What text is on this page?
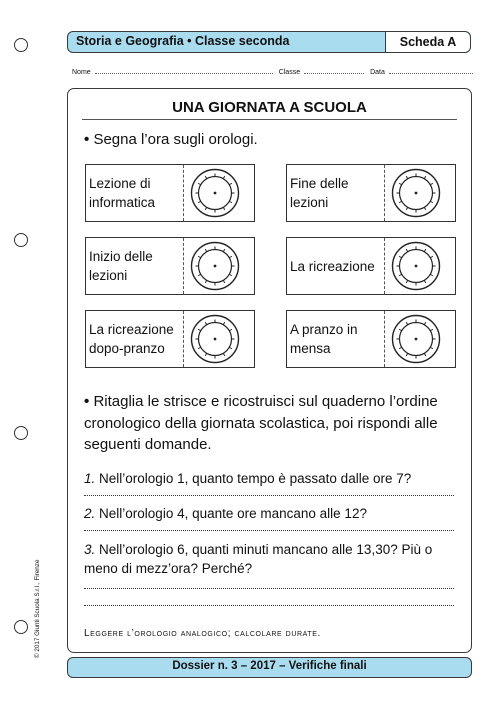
Storia e Geografia • Classe seconda	Scheda A
Nome	Classe	Data
UNA GIORNATA A SCUOLA
• Segna l’ora sugli orologi.
Lezione di informatica
Fine delle lezioni
Inizio delle lezioni
La ricreazione
La ricreazione dopo-pranzo
A pranzo in mensa
• Ritaglia le strisce e ricostruisci sul quaderno l’ordine cronologico della giornata scolastica, poi rispondi alle seguenti domande.
1. Nell’orologio 1, quanto tempo è passato dalle ore 7?
2. Nell’orologio 4, quante ore mancano alle 12?
3. Nell’orologio 6, quanti minuti mancano alle 13,30? Più o meno di mezz’ora? Perché?
Leggere l’orologio analogico; calcolare durate.
© 2017 Giunti Scuola S.r.l., Firenze
Dossier n. 3 – 2017 – Verifiche finali
